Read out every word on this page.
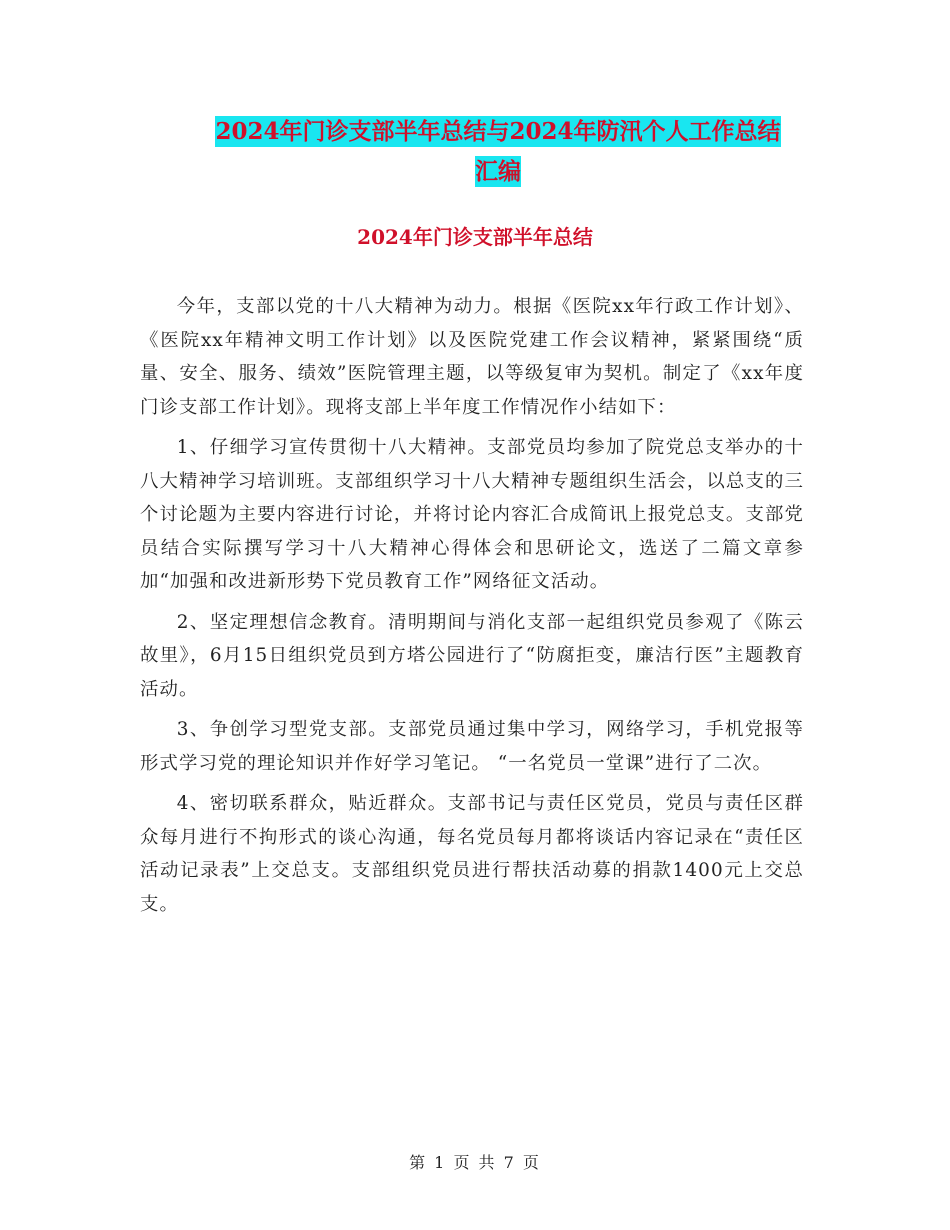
2024年门诊支部半年总结与2024年防汛个人工作总结
汇编
2024年门诊支部半年总结

今年，支部以党的十八大精神为动力。根据《医院xx年行政工作计划》、《医院xx年精神文明工作计划》以及医院党建工作会议精神，紧紧围绕“质量、安全、服务、绩效”医院管理主题，以等级复审为契机。制定了《xx年度门诊支部工作计划》。现将支部上半年度工作情况作小结如下：

1、仔细学习宣传贯彻十八大精神。支部党员均参加了院党总支举办的十八大精神学习培训班。支部组织学习十八大精神专题组织生活会，以总支的三个讨论题为主要内容进行讨论，并将讨论内容汇合成简讯上报党总支。支部党员结合实际撰写学习十八大精神心得体会和思研论文，选送了二篇文章参加“加强和改进新形势下党员教育工作”网络征文活动。

2、坚定理想信念教育。清明期间与消化支部一起组织党员参观了《陈云故里》，6月15日组织党员到方塔公园进行了“防腐拒变，廉洁行医”主题教育活动。

3、争创学习型党支部。支部党员通过集中学习，网络学习，手机党报等形式学习党的理论知识并作好学习笔记。 “一名党员一堂课”进行了二次。

4、密切联系群众，贴近群众。支部书记与责任区党员，党员与责任区群众每月进行不拘形式的谈心沟通，每名党员每月都将谈话内容记录在“责任区活动记录表”上交总支。支部组织党员进行帮扶活动募的捐款1400元上交总支。

第 1 页 共 7 页
